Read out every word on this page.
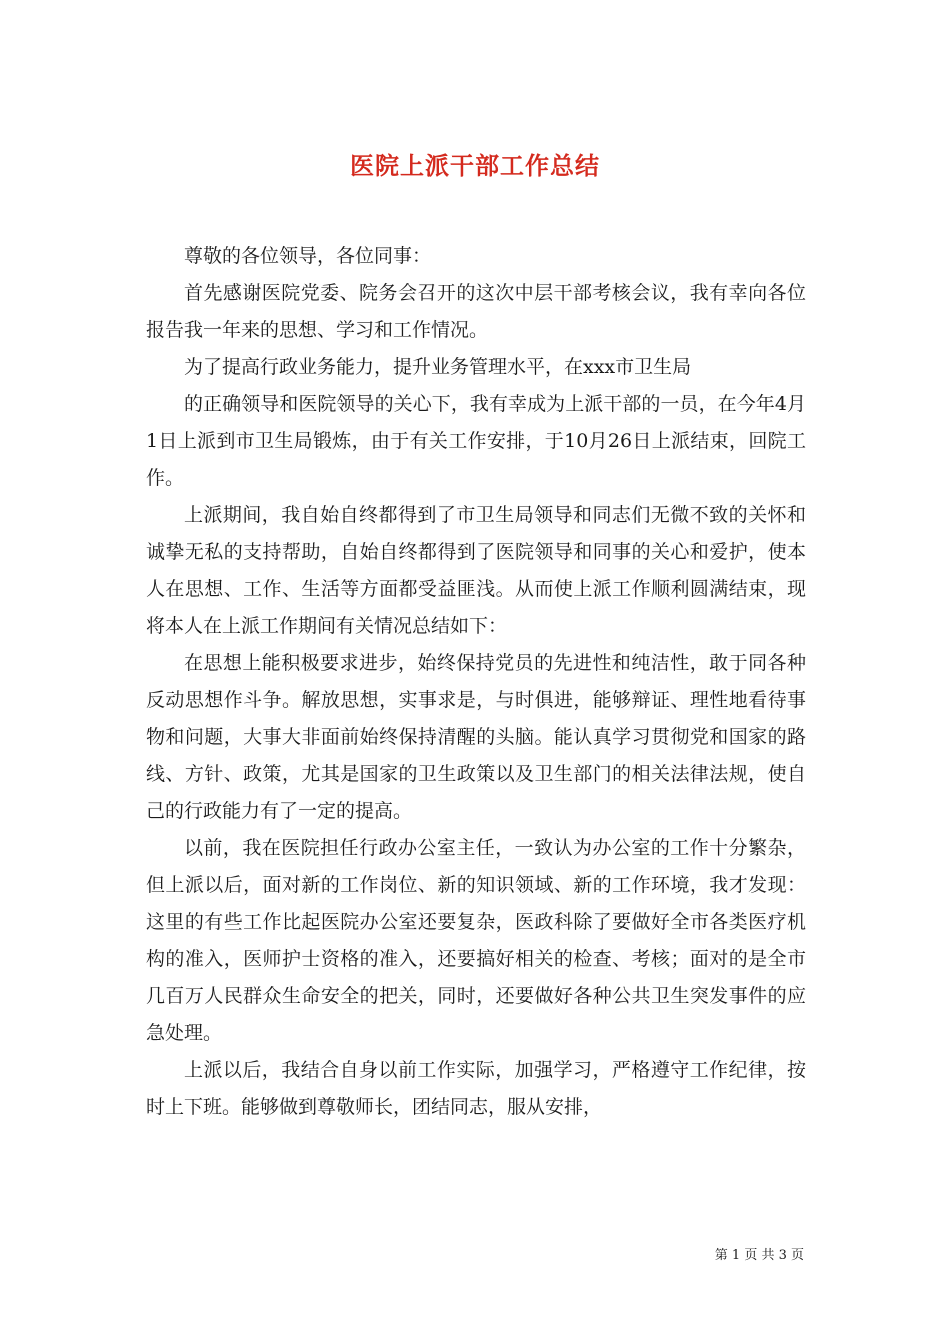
医院上派干部工作总结

尊敬的各位领导，各位同事：

首先感谢医院党委、院务会召开的这次中层干部考核会议，我有幸向各位报告我一年来的思想、学习和工作情况。

为了提高行政业务能力，提升业务管理水平，在xxx市卫生局

的正确领导和医院领导的关心下，我有幸成为上派干部的一员，在今年4月1日上派到市卫生局锻炼，由于有关工作安排，于10月26日上派结束，回院工作。

上派期间，我自始自终都得到了市卫生局领导和同志们无微不致的关怀和诚挚无私的支持帮助，自始自终都得到了医院领导和同事的关心和爱护，使本人在思想、工作、生活等方面都受益匪浅。从而使上派工作顺利圆满结束，现将本人在上派工作期间有关情况总结如下：

在思想上能积极要求进步，始终保持党员的先进性和纯洁性，敢于同各种反动思想作斗争。解放思想，实事求是，与时俱进，能够辩证、理性地看待事物和问题，大事大非面前始终保持清醒的头脑。能认真学习贯彻党和国家的路线、方针、政策，尤其是国家的卫生政策以及卫生部门的相关法律法规，使自己的行政能力有了一定的提高。

以前，我在医院担任行政办公室主任，一致认为办公室的工作十分繁杂，但上派以后，面对新的工作岗位、新的知识领域、新的工作环境，我才发现：这里的有些工作比起医院办公室还要复杂，医政科除了要做好全市各类医疗机构的准入，医师护士资格的准入，还要搞好相关的检查、考核；面对的是全市几百万人民群众生命安全的把关，同时，还要做好各种公共卫生突发事件的应急处理。

上派以后，我结合自身以前工作实际，加强学习，严格遵守工作纪律，按时上下班。能够做到尊敬师长，团结同志，服从安排，

第 1 页 共 3 页
